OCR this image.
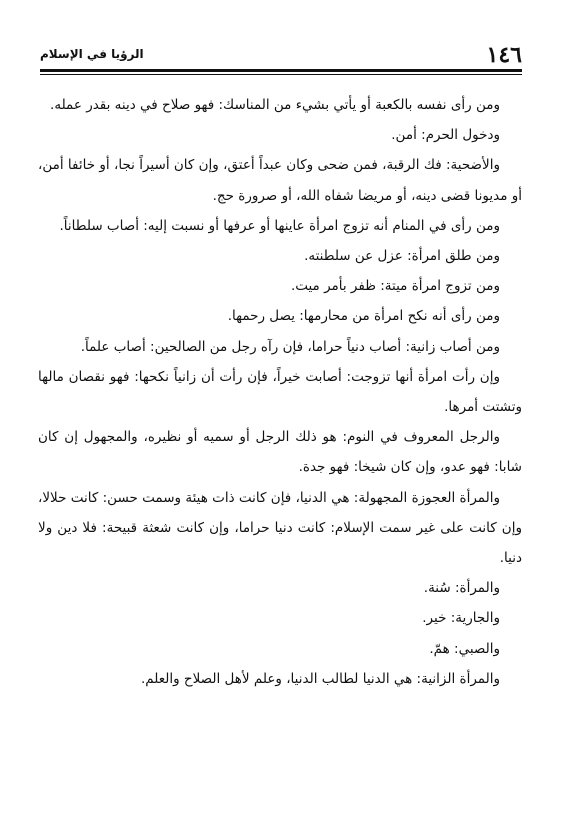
١٤٦
الرؤيا في الإسلام

ومن رأى نفسه بالكعبة أو يأتي بشيء من المناسك: فهو صلاح في دينه بقدر عمله.

ودخول الحرم: أمن.

والأضحية: فك الرقبة، فمن ضحى وكان عبداً أعتق، وإن كان أسيراً نجا، أو خائفا أمن، أو مديونا قضى دينه، أو مريضا شفاه الله، أو صرورة حج.

ومن رأى في المنام أنه تزوج امرأة عاينها أو عرفها أو نسبت إليه: أصاب سلطاناً.

ومن طلق امرأة: عزل عن سلطنته.

ومن تزوج امرأة ميتة: ظفر بأمر ميت.

ومن رأى أنه نكح امرأة من محارمها: يصل رحمها.

ومن أصاب زانية: أصاب دنياً حراما، فإن رآه رجل من الصالحين: أصاب علماً.

وإن رأت امرأة أنها تزوجت: أصابت خيراً، فإن رأت أن زانياً نكحها: فهو نقصان مالها وتشتت أمرها.

والرجل المعروف في النوم: هو ذلك الرجل أو سميه أو نظيره، والمجهول إن كان شابا: فهو عدو، وإن كان شيخا: فهو جدة.

والمرأة العجوزة المجهولة: هي الدنيا، فإن كانت ذات هيئة وسمت حسن: كانت حلالا، وإن كانت على غير سمت الإسلام: كانت دنيا حراما، وإن كانت شعثة قبيحة: فلا دين ولا دنيا.

والمرأة: سُنة.

والجارية: خير.

والصبي: همّ.

والمرأة الزانية: هي الدنيا لطالب الدنيا، وعلم لأهل الصلاح والعلم.
